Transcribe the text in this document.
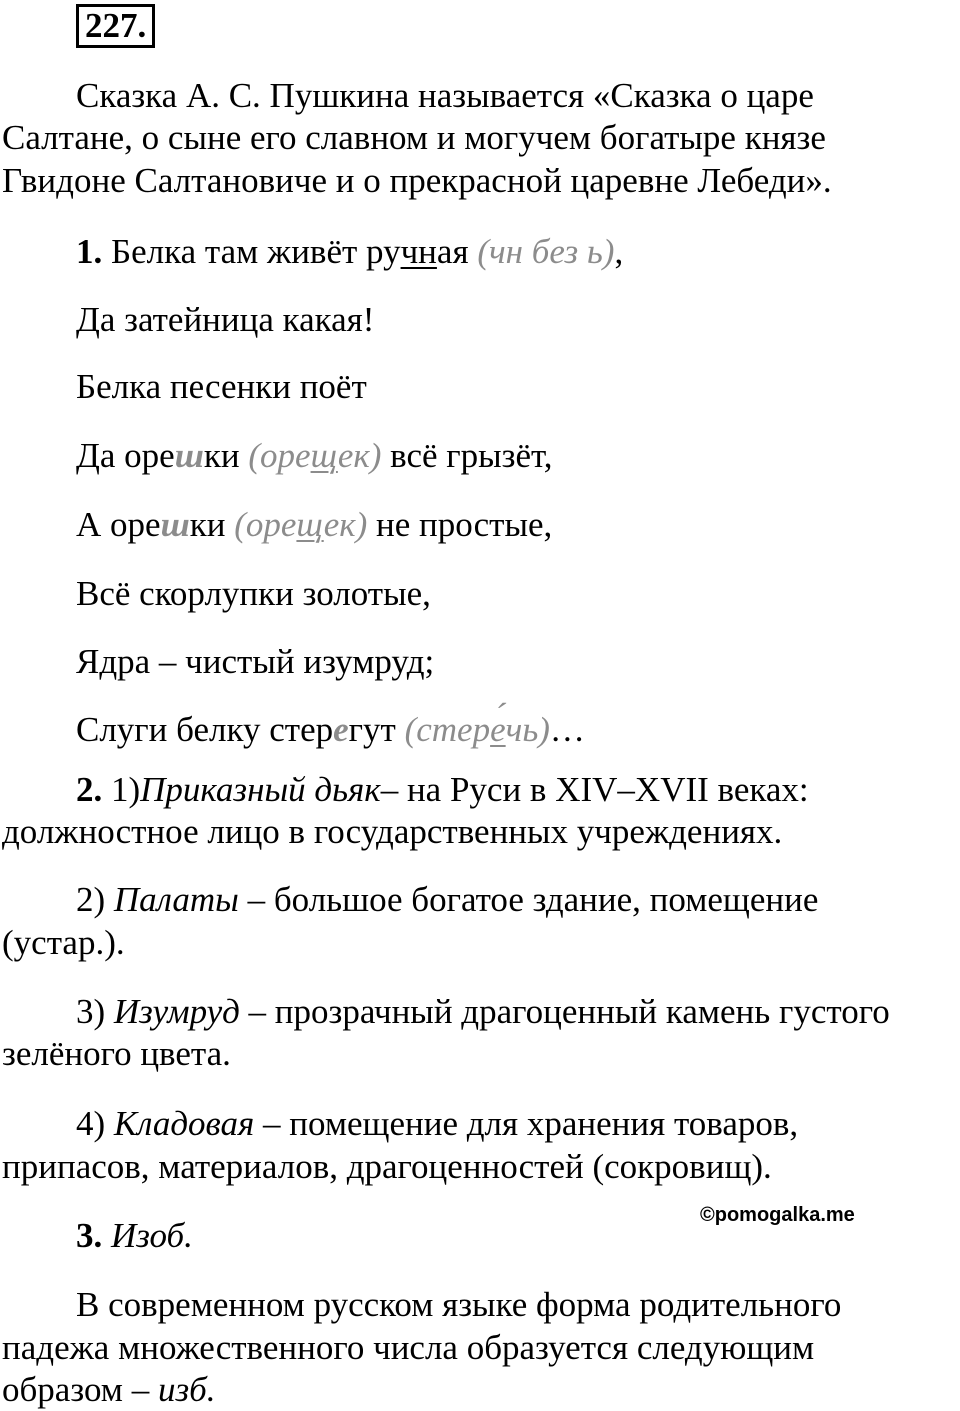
227.
Сказка А. С. Пушкина называется «Сказка о царе
Салтане, о сыне его славном и могучем богатыре князе
Гвидоне Салтановиче и о прекрасной царевне Лебеди».
1. Белка там живёт ручная (чн без ь),
Да затейница какая!
Белка песенки поёт
Да орешки (орещек) всё грызёт,
А орешки (орещек) не простые,
Всё скорлупки золотые,
Ядра – чистый изумруд;
Слуги белку стерегут (стере ´чь)…
2. 1)Приказный дьяк– на Руси в XIV–XVII веках:
должностное лицо в государственных учреждениях.
2) Палаты – большое богатое здание, помещение
(устар.).
3) Изумруд – прозрачный драгоценный камень густого
зелёного цвета.
4) Кладовая – помещение для хранения товаров,
припасов, материалов, драгоценностей (сокровищ).
3. Изоб.
©pomogalka.me
В современном русском языке форма родительного
падежа множественного числа образуется следующим
образом – изб.
